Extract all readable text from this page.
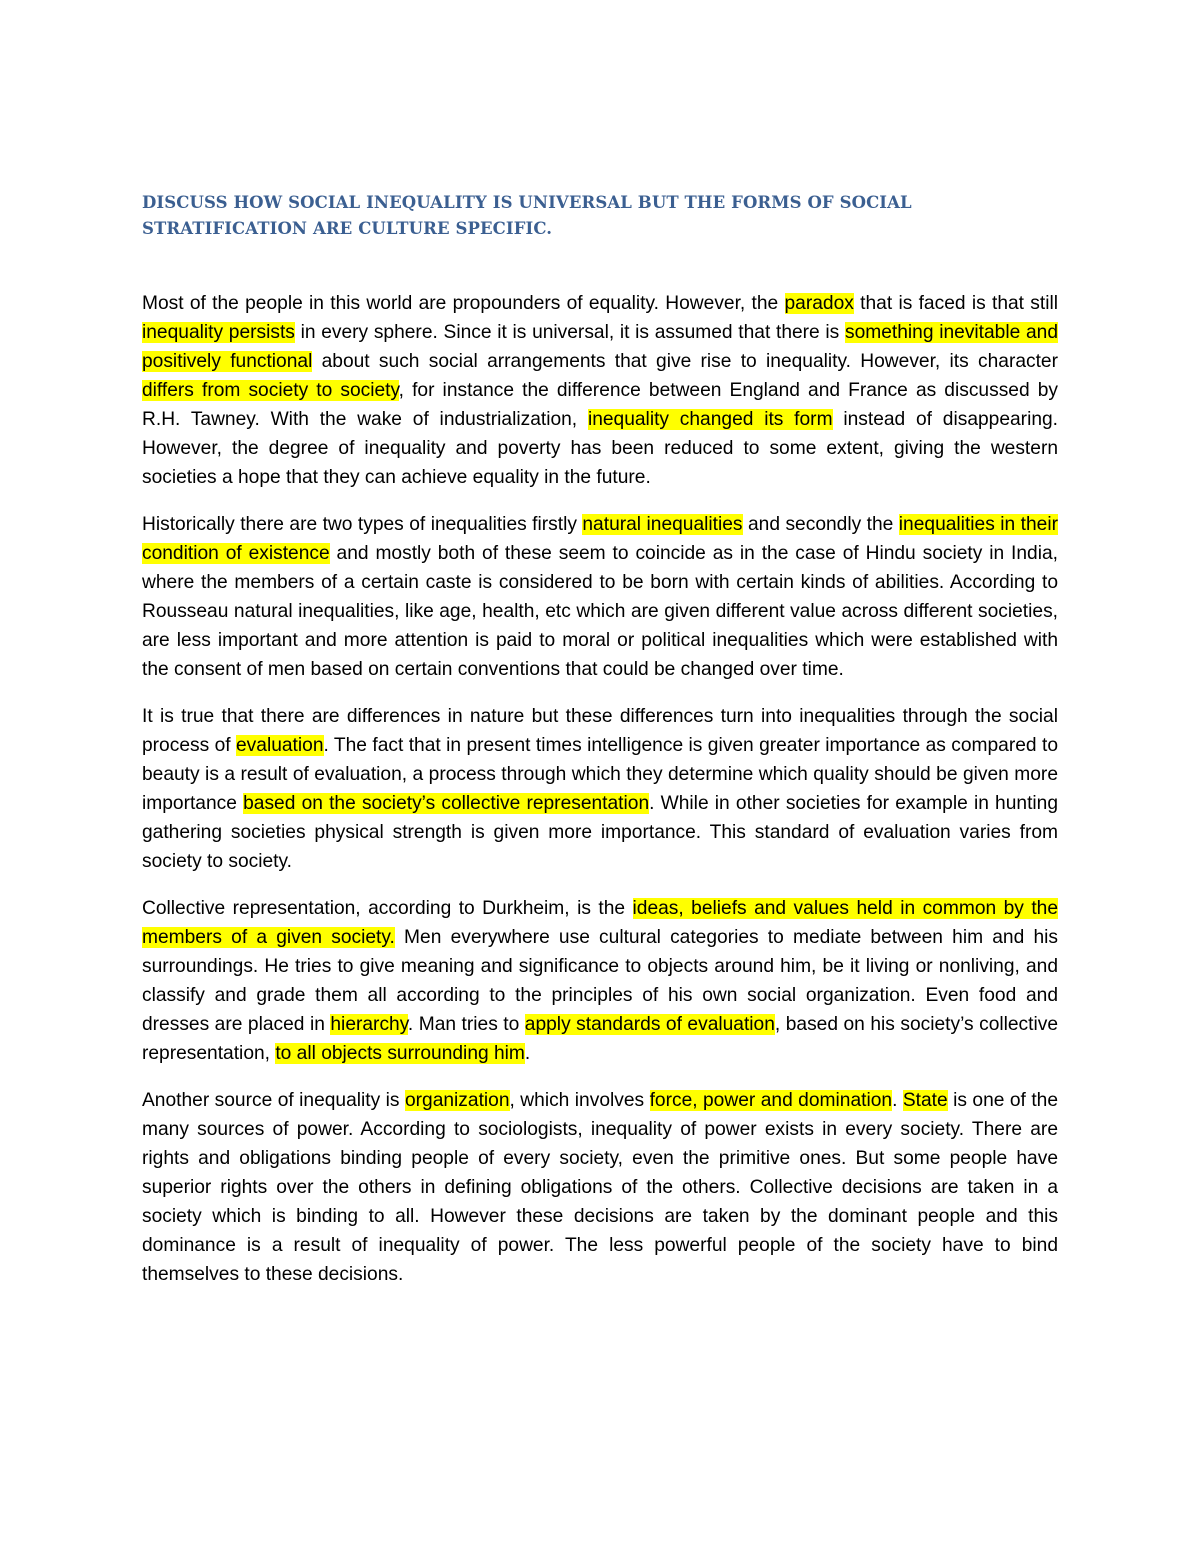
DISCUSS HOW SOCIAL INEQUALITY IS UNIVERSAL BUT THE FORMS OF SOCIAL
STRATIFICATION ARE CULTURE SPECIFIC.

Most of the people in this world are propounders of equality. However, the paradox that is faced is that still inequality persists in every sphere. Since it is universal, it is assumed that there is something inevitable and positively functional about such social arrangements that give rise to inequality. However, its character differs from society to society, for instance the difference between England and France as discussed by R.H. Tawney. With the wake of industrialization, inequality changed its form instead of disappearing. However, the degree of inequality and poverty has been reduced to some extent, giving the western societies a hope that they can achieve equality in the future.

Historically there are two types of inequalities firstly natural inequalities and secondly the inequalities in their condition of existence and mostly both of these seem to coincide as in the case of Hindu society in India, where the members of a certain caste is considered to be born with certain kinds of abilities. According to Rousseau natural inequalities, like age, health, etc which are given different value across different societies, are less important and more attention is paid to moral or political inequalities which were established with the consent of men based on certain conventions that could be changed over time.

It is true that there are differences in nature but these differences turn into inequalities through the social process of evaluation. The fact that in present times intelligence is given greater importance as compared to beauty is a result of evaluation, a process through which they determine which quality should be given more importance based on the society’s collective representation. While in other societies for example in hunting gathering societies physical strength is given more importance. This standard of evaluation varies from society to society.

Collective representation, according to Durkheim, is the ideas, beliefs and values held in common by the members of a given society. Men everywhere use cultural categories to mediate between him and his surroundings. He tries to give meaning and significance to objects around him, be it living or nonliving, and classify and grade them all according to the principles of his own social organization. Even food and dresses are placed in hierarchy. Man tries to apply standards of evaluation, based on his society’s collective representation, to all objects surrounding him.

Another source of inequality is organization, which involves force, power and domination. State is one of the many sources of power. According to sociologists, inequality of power exists in every society. There are rights and obligations binding people of every society, even the primitive ones. But some people have superior rights over the others in defining obligations of the others. Collective decisions are taken in a society which is binding to all. However these decisions are taken by the dominant people and this dominance is a result of inequality of power. The less powerful people of the society have to bind themselves to these decisions.
